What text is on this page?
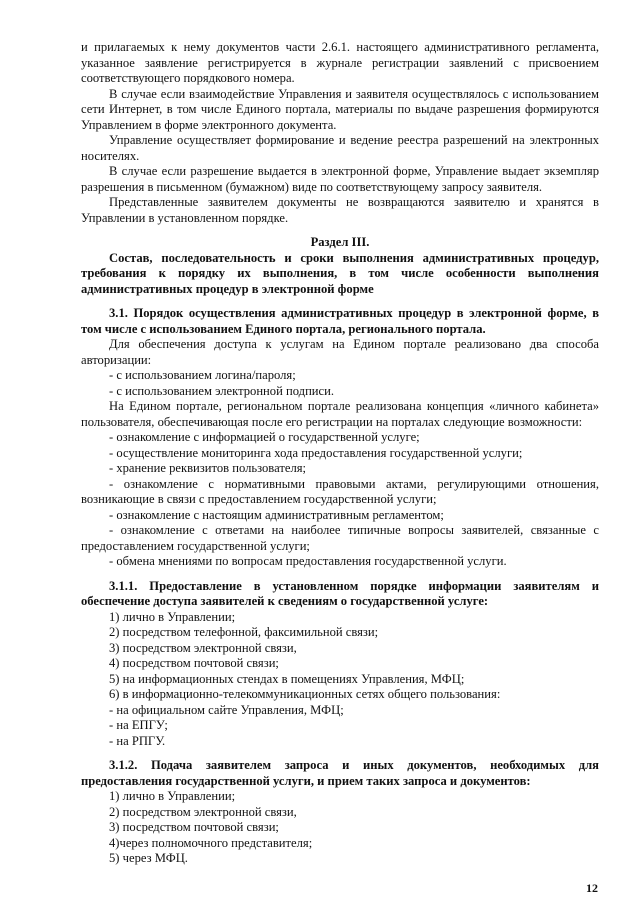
и прилагаемых к нему документов части 2.6.1. настоящего административного регламента, указанное заявление регистрируется в журнале регистрации заявлений с присвоением соответствующего порядкового номера.

В случае если взаимодействие Управления и заявителя осуществлялось с использованием сети Интернет, в том числе Единого портала, материалы по выдаче разрешения формируются Управлением в форме электронного документа.

Управление осуществляет формирование и ведение реестра разрешений на электронных носителях.

В случае если разрешение выдается в электронной форме, Управление выдает экземпляр разрешения в письменном (бумажном) виде по соответствующему запросу заявителя.

Представленные заявителем документы не возвращаются заявителю и хранятся в Управлении в установленном порядке.

Раздел III.

Состав, последовательность и сроки выполнения административных процедур, требования к порядку их выполнения, в том числе особенности выполнения административных процедур в электронной форме

3.1. Порядок осуществления административных процедур в электронной форме, в том числе с использованием Единого портала, регионального портала.

Для обеспечения доступа к услугам на Едином портале реализовано два способа авторизации:

- с использованием логина/пароля;

- с использованием электронной подписи.

На Едином портале, региональном портале реализована концепция «личного кабинета» пользователя, обеспечивающая после его регистрации на порталах следующие возможности:

- ознакомление с информацией о государственной услуге;

- осуществление мониторинга хода предоставления государственной услуги;

- хранение реквизитов пользователя;

- ознакомление с нормативными правовыми актами, регулирующими отношения, возникающие в связи с предоставлением государственной услуги;

- ознакомление с настоящим административным регламентом;

- ознакомление с ответами на наиболее типичные вопросы заявителей, связанные с предоставлением государственной услуги;

- обмена мнениями по вопросам предоставления государственной услуги.

3.1.1. Предоставление в установленном порядке информации заявителям и обеспечение доступа заявителей к сведениям о государственной услуге:

1) лично в Управлении;

2) посредством телефонной, факсимильной связи;

3) посредством электронной связи,

4) посредством почтовой связи;

5) на информационных стендах в помещениях Управления, МФЦ;

6) в информационно-телекоммуникационных сетях общего пользования:

- на официальном сайте Управления, МФЦ;

- на ЕПГУ;

- на РПГУ.

3.1.2. Подача заявителем запроса и иных документов, необходимых для предоставления государственной услуги, и прием таких запроса и документов:

1) лично в Управлении;

2) посредством электронной связи,

3) посредством почтовой связи;

4)через полномочного представителя;

5) через МФЦ.

12
